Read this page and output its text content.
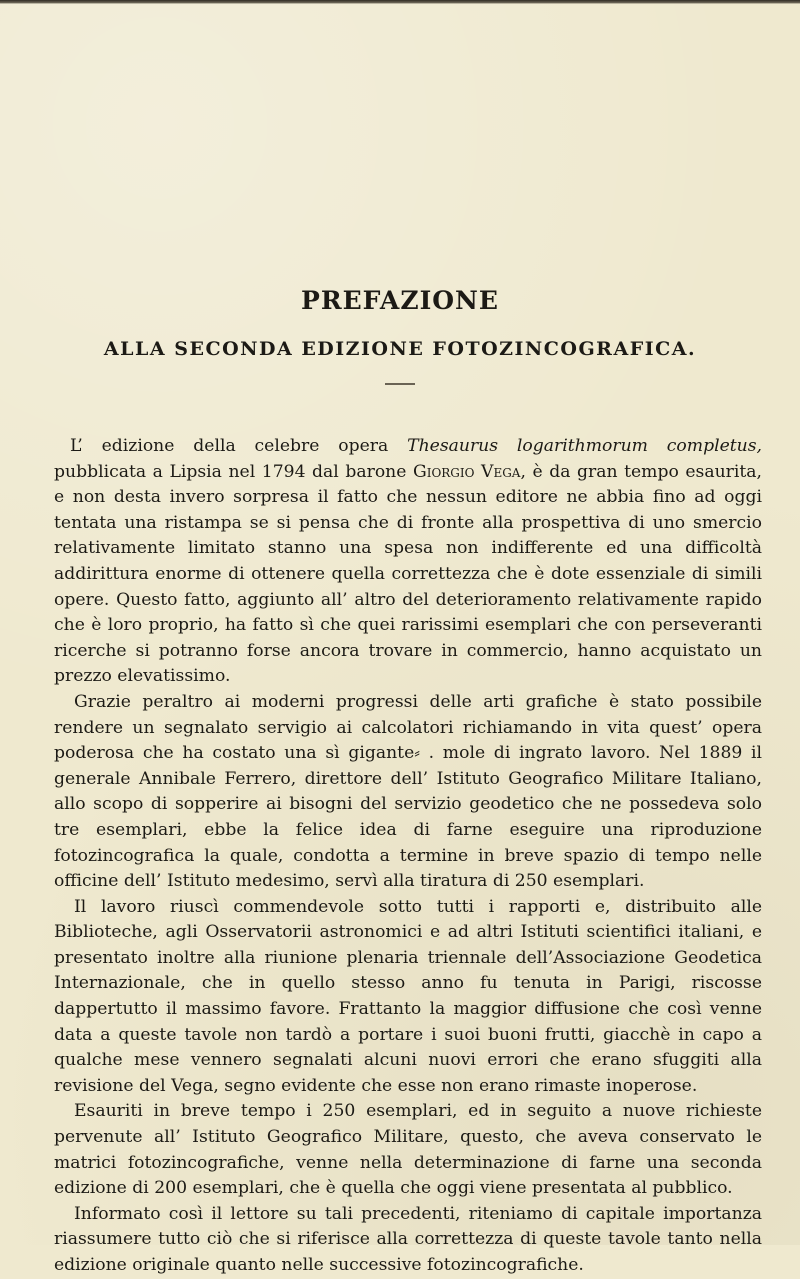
PREFAZIONE
ALLA SECONDA EDIZIONE FOTOZINCOGRAFICA.

L’ edizione della celebre opera Thesaurus logarithmorum completus, pubblicata a Lipsia nel 1794 dal barone Giorgio Vega, è da gran tempo esaurita, e non desta invero sorpresa il fatto che nessun editore ne abbia fino ad oggi tentata una ristampa se si pensa che di fronte alla prospettiva di uno smercio relativamente limitato stanno una spesa non indifferente ed una difficoltà addirittura enorme di ottenere quella correttezza che è dote essenziale di simili opere. Questo fatto, aggiunto all’ altro del deterioramento relativamente rapido che è loro proprio, ha fatto sì che quei rarissimi esemplari che con perseveranti ricerche si potranno forse ancora trovare in commercio, hanno acquistato un prezzo elevatissimo.

Grazie peraltro ai moderni progressi delle arti grafiche è stato possibile rendere un segnalato servigio ai calcolatori richiamando in vita quest’ opera poderosa che ha costato una sì gigante⸗ . mole di ingrato lavoro. Nel 1889 il generale Annibale Ferrero, direttore dell’ Istituto Geografico Militare Italiano, allo scopo di sopperire ai bisogni del servizio geodetico che ne possedeva solo tre esemplari, ebbe la felice idea di farne eseguire una riproduzione fotozincografica la quale, condotta a termine in breve spazio di tempo nelle officine dell’ Istituto medesimo, servì alla tiratura di 250 esemplari.

Il lavoro riuscì commendevole sotto tutti i rapporti e, distribuito alle Biblioteche, agli Osservatorii astronomici e ad altri Istituti scientifici italiani, e presentato inoltre alla riunione plenaria triennale dell’Associazione Geodetica Internazionale, che in quello stesso anno fu tenuta in Parigi, riscosse dappertutto il massimo favore. Frattanto la maggior diffusione che così venne data a queste tavole non tardò a portare i suoi buoni frutti, giacchè in capo a qualche mese vennero segnalati alcuni nuovi errori che erano sfuggiti alla revisione del Vega, segno evidente che esse non erano rimaste inoperose.

Esauriti in breve tempo i 250 esemplari, ed in seguito a nuove richieste pervenute all’ Istituto Geografico Militare, questo, che aveva conservato le matrici fotozincografiche, venne nella determinazione di farne una seconda edizione di 200 esemplari, che è quella che oggi viene presentata al pubblico.

Informato così il lettore su tali precedenti, riteniamo di capitale importanza riassumere tutto ciò che si riferisce alla correttezza di queste tavole tanto nella edizione originale quanto nelle successive fotozincografiche.
